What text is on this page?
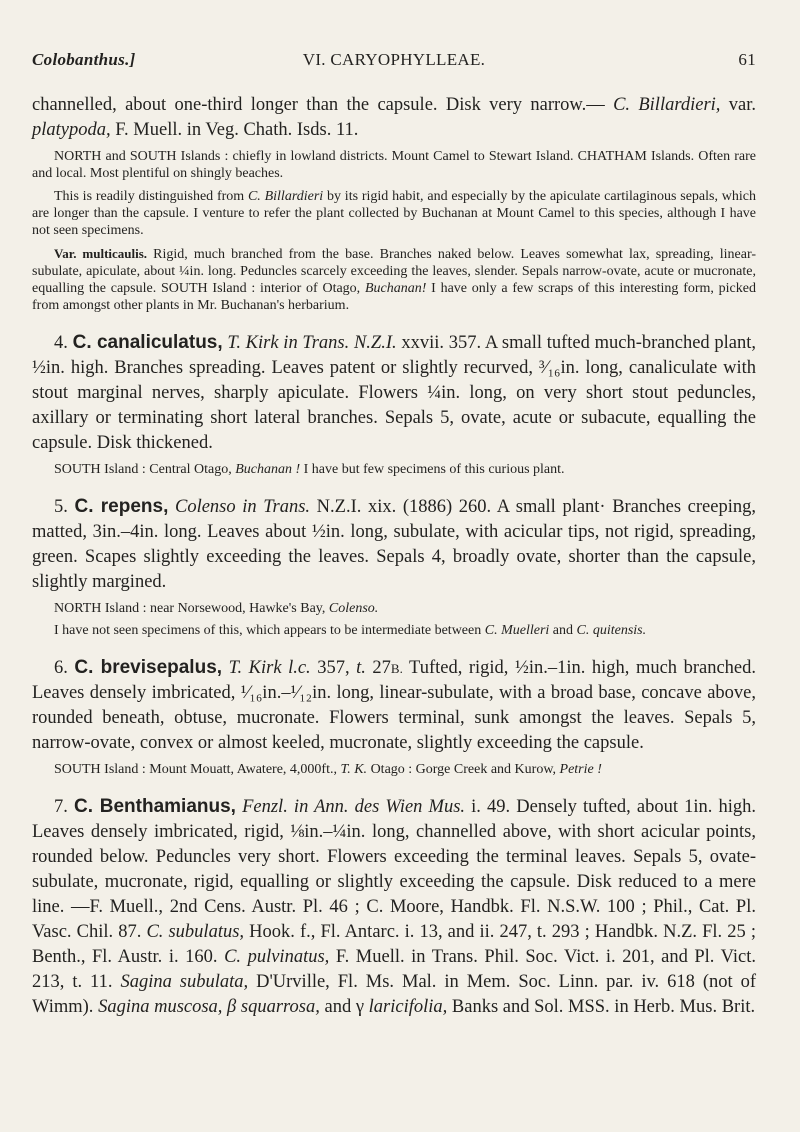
Colobanthus.]	VI. CARYOPHYLLEAE.	61

channelled, about one-third longer than the capsule. Disk very narrow.— C. Billardieri, var. platypoda, F. Muell. in Veg. Chath. Isds. 11.

NORTH and SOUTH Islands : chiefly in lowland districts. Mount Camel to Stewart Island. CHATHAM Islands. Often rare and local. Most plentiful on shingly beaches.

This is readily distinguished from C. Billardieri by its rigid habit, and especially by the apiculate cartilaginous sepals, which are longer than the capsule. I venture to refer the plant collected by Buchanan at Mount Camel to this species, although I have not seen specimens.

Var. multicaulis. Rigid, much branched from the base. Branches naked below. Leaves somewhat lax, spreading, linear-subulate, apiculate, about ¼in. long. Peduncles scarcely exceeding the leaves, slender. Sepals narrow-ovate, acute or mucronate, equalling the capsule. SOUTH Island : interior of Otago, Buchanan! I have only a few scraps of this interesting form, picked from amongst other plants in Mr. Buchanan's herbarium.

4. C. canaliculatus, T. Kirk in Trans. N.Z.I. xxvii. 357. A small tufted much-branched plant, ½in. high. Branches spreading. Leaves patent or slightly recurved, ³⁄₁₆in. long, canaliculate with stout marginal nerves, sharply apiculate. Flowers ¼in. long, on very short stout peduncles, axillary or terminating short lateral branches. Sepals 5, ovate, acute or subacute, equalling the capsule. Disk thickened.

SOUTH Island : Central Otago, Buchanan ! I have but few specimens of this curious plant.

5. C. repens, Colenso in Trans. N.Z.I. xix. (1886) 260. A small plant· Branches creeping, matted, 3in.–4in. long. Leaves about ½in. long, subulate, with acicular tips, not rigid, spreading, green. Scapes slightly exceeding the leaves. Sepals 4, broadly ovate, shorter than the capsule, slightly margined.

NORTH Island : near Norsewood, Hawke's Bay, Colenso.

I have not seen specimens of this, which appears to be intermediate between C. Muelleri and C. quitensis.

6. C. brevisepalus, T. Kirk l.c. 357, t. 27B. Tufted, rigid, ½in.–1in. high, much branched. Leaves densely imbricated, ¹⁄₁₆in.–¹⁄₁₂in. long, linear-subulate, with a broad base, concave above, rounded beneath, obtuse, mucronate. Flowers terminal, sunk amongst the leaves. Sepals 5, narrow-ovate, convex or almost keeled, mucronate, slightly exceeding the capsule.

SOUTH Island : Mount Mouatt, Awatere, 4,000ft., T. K. Otago : Gorge Creek and Kurow, Petrie !

7. C. Benthamianus, Fenzl. in Ann. des Wien Mus. i. 49. Densely tufted, about 1in. high. Leaves densely imbricated, rigid, ⅛in.–¼in. long, channelled above, with short acicular points, rounded below. Peduncles very short. Flowers exceeding the terminal leaves. Sepals 5, ovate-subulate, mucronate, rigid, equalling or slightly exceeding the capsule. Disk reduced to a mere line. —F. Muell., 2nd Cens. Austr. Pl. 46 ; C. Moore, Handbk. Fl. N.S.W. 100 ; Phil., Cat. Pl. Vasc. Chil. 87. C. subulatus, Hook. f., Fl. Antarc. i. 13, and ii. 247, t. 293 ; Handbk. N.Z. Fl. 25 ; Benth., Fl. Austr. i. 160. C. pulvinatus, F. Muell. in Trans. Phil. Soc. Vict. i. 201, and Pl. Vict. 213, t. 11. Sagina subulata, D'Urville, Fl. Ms. Mal. in Mem. Soc. Linn. par. iv. 618 (not of Wimm). Sagina muscosa, β squarrosa, and γ laricifolia, Banks and Sol. MSS. in Herb. Mus. Brit.
